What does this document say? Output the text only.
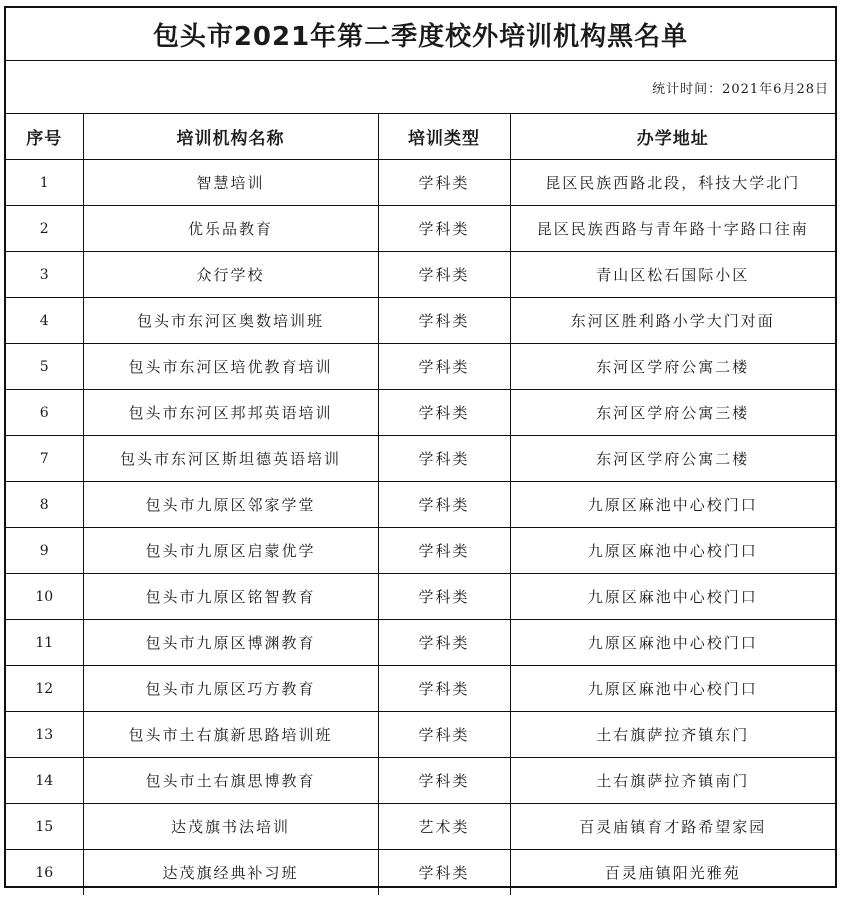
包头市2021年第二季度校外培训机构黑名单
统计时间：2021年6月28日
序号	培训机构名称	培训类型	办学地址
1	智慧培训	学科类	昆区民族西路北段，科技大学北门
2	优乐品教育	学科类	昆区民族西路与青年路十字路口往南
3	众行学校	学科类	青山区松石国际小区
4	包头市东河区奥数培训班	学科类	东河区胜利路小学大门对面
5	包头市东河区培优教育培训	学科类	东河区学府公寓二楼
6	包头市东河区邦邦英语培训	学科类	东河区学府公寓三楼
7	包头市东河区斯坦德英语培训	学科类	东河区学府公寓二楼
8	包头市九原区邻家学堂	学科类	九原区麻池中心校门口
9	包头市九原区启蒙优学	学科类	九原区麻池中心校门口
10	包头市九原区铭智教育	学科类	九原区麻池中心校门口
11	包头市九原区博渊教育	学科类	九原区麻池中心校门口
12	包头市九原区巧方教育	学科类	九原区麻池中心校门口
13	包头市土右旗新思路培训班	学科类	土右旗萨拉齐镇东门
14	包头市土右旗思博教育	学科类	土右旗萨拉齐镇南门
15	达茂旗书法培训	艺术类	百灵庙镇育才路希望家园
16	达茂旗经典补习班	学科类	百灵庙镇阳光雅苑
